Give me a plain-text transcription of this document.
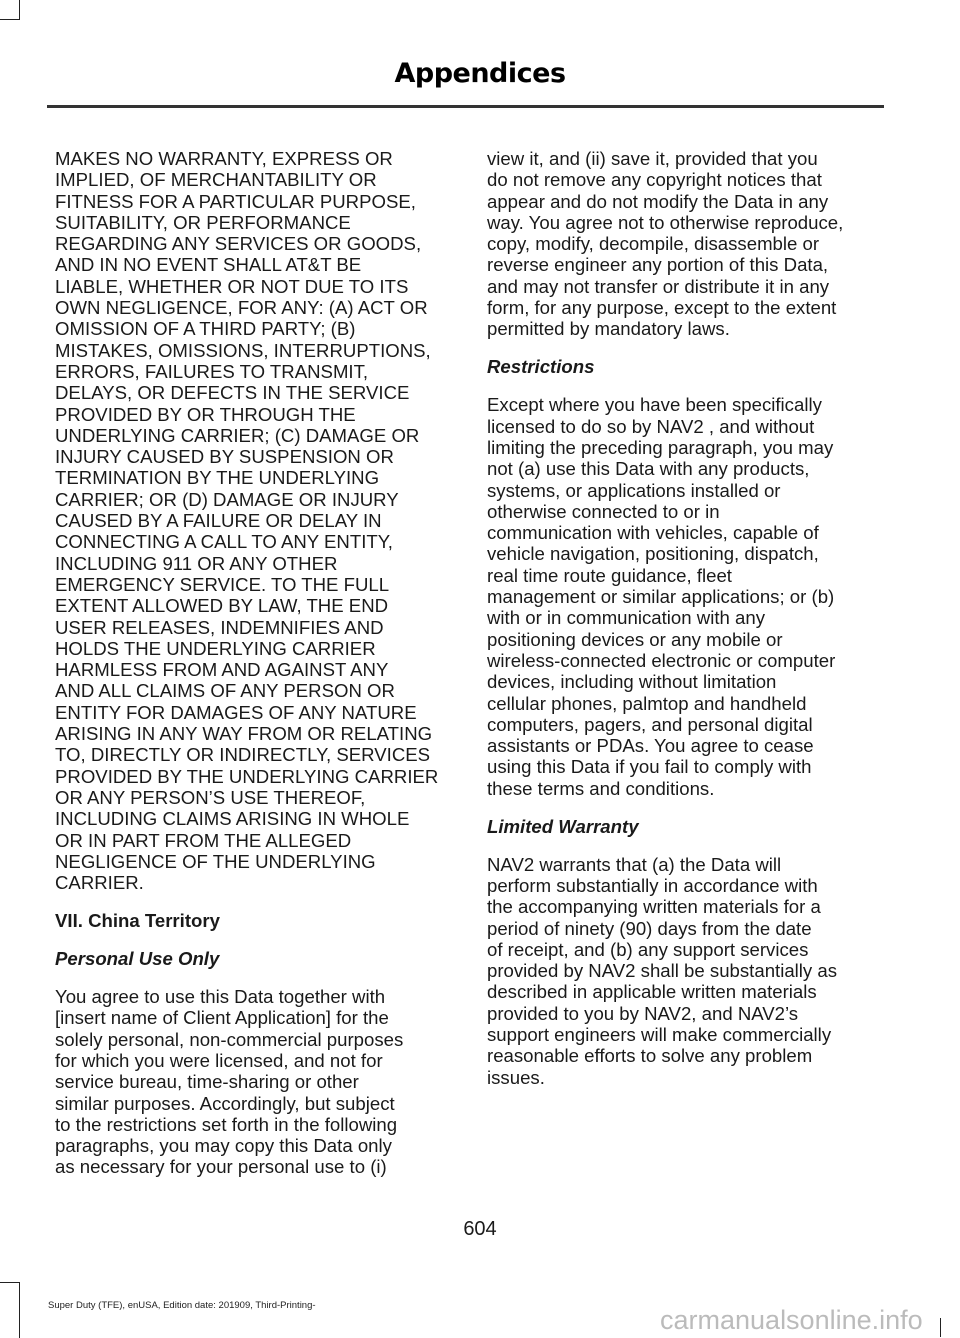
Appendices

MAKES NO WARRANTY, EXPRESS OR
IMPLIED, OF MERCHANTABILITY OR
FITNESS FOR A PARTICULAR PURPOSE,
SUITABILITY, OR PERFORMANCE
REGARDING ANY SERVICES OR GOODS,
AND IN NO EVENT SHALL AT&T BE
LIABLE, WHETHER OR NOT DUE TO ITS
OWN NEGLIGENCE, FOR ANY: (A) ACT OR
OMISSION OF A THIRD PARTY; (B)
MISTAKES, OMISSIONS, INTERRUPTIONS,
ERRORS, FAILURES TO TRANSMIT,
DELAYS, OR DEFECTS IN THE SERVICE
PROVIDED BY OR THROUGH THE
UNDERLYING CARRIER; (C) DAMAGE OR
INJURY CAUSED BY SUSPENSION OR
TERMINATION BY THE UNDERLYING
CARRIER; OR (D) DAMAGE OR INJURY
CAUSED BY A FAILURE OR DELAY IN
CONNECTING A CALL TO ANY ENTITY,
INCLUDING 911 OR ANY OTHER
EMERGENCY SERVICE. TO THE FULL
EXTENT ALLOWED BY LAW, THE END
USER RELEASES, INDEMNIFIES AND
HOLDS THE UNDERLYING CARRIER
HARMLESS FROM AND AGAINST ANY
AND ALL CLAIMS OF ANY PERSON OR
ENTITY FOR DAMAGES OF ANY NATURE
ARISING IN ANY WAY FROM OR RELATING
TO, DIRECTLY OR INDIRECTLY, SERVICES
PROVIDED BY THE UNDERLYING CARRIER
OR ANY PERSON’S USE THEREOF,
INCLUDING CLAIMS ARISING IN WHOLE
OR IN PART FROM THE ALLEGED
NEGLIGENCE OF THE UNDERLYING
CARRIER.

VII. China Territory
Personal Use Only

You agree to use this Data together with
[insert name of Client Application] for the
solely personal, non-commercial purposes
for which you were licensed, and not for
service bureau, time-sharing or other
similar purposes. Accordingly, but subject
to the restrictions set forth in the following
paragraphs, you may copy this Data only
as necessary for your personal use to (i)

view it, and (ii) save it, provided that you
do not remove any copyright notices that
appear and do not modify the Data in any
way. You agree not to otherwise reproduce,
copy, modify, decompile, disassemble or
reverse engineer any portion of this Data,
and may not transfer or distribute it in any
form, for any purpose, except to the extent
permitted by mandatory laws.

Restrictions

Except where you have been specifically
licensed to do so by NAV2 , and without
limiting the preceding paragraph, you may
not (a) use this Data with any products,
systems, or applications installed or
otherwise connected to or in
communication with vehicles, capable of
vehicle navigation, positioning, dispatch,
real time route guidance, fleet
management or similar applications; or (b)
with or in communication with any
positioning devices or any mobile or
wireless-connected electronic or computer
devices, including without limitation
cellular phones, palmtop and handheld
computers, pagers, and personal digital
assistants or PDAs. You agree to cease
using this Data if you fail to comply with
these terms and conditions.

Limited Warranty

NAV2 warrants that (a) the Data will
perform substantially in accordance with
the accompanying written materials for a
period of ninety (90) days from the date
of receipt, and (b) any support services
provided by NAV2 shall be substantially as
described in applicable written materials
provided to you by NAV2, and NAV2’s
support engineers will make commercially
reasonable efforts to solve any problem
issues.

604
Super Duty (TFE), enUSA, Edition date: 201909, Third-Printing-	carmanualsonline.info
